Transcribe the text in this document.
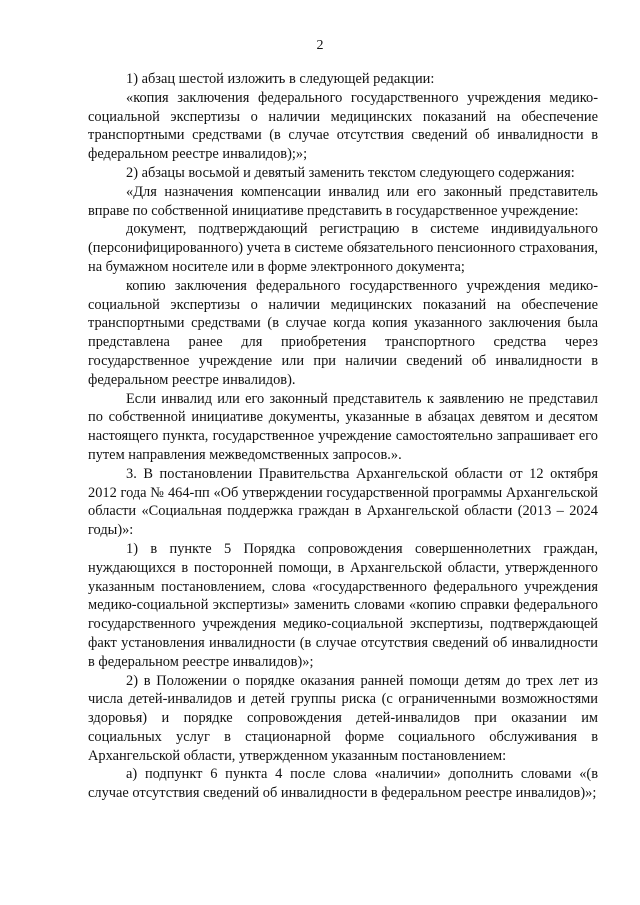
2

1) абзац шестой изложить в следующей редакции:

«копия заключения федерального государственного учреждения медико-социальной экспертизы о наличии медицинских показаний на обеспечение транспортными средствами (в случае отсутствия сведений об инвалидности в федеральном реестре инвалидов);»;

2) абзацы восьмой и девятый заменить текстом следующего содержания:

«Для назначения компенсации инвалид или его законный представитель вправе по собственной инициативе представить в государственное учреждение:

документ, подтверждающий регистрацию в системе индивидуального (персонифицированного) учета в системе обязательного пенсионного страхования, на бумажном носителе или в форме электронного документа;

копию заключения федерального государственного учреждения медико-социальной экспертизы о наличии медицинских показаний на обеспечение транспортными средствами (в случае когда копия указанного заключения была представлена ранее для приобретения транспортного средства через государственное учреждение или при наличии сведений об инвалидности в федеральном реестре инвалидов).

Если инвалид или его законный представитель к заявлению не представил по собственной инициативе документы, указанные в абзацах девятом и десятом настоящего пункта, государственное учреждение самостоятельно запрашивает его путем направления межведомственных запросов.».

3. В постановлении Правительства Архангельской области от 12 октября 2012 года № 464-пп «Об утверждении государственной программы Архангельской области «Социальная поддержка граждан в Архангельской области (2013 – 2024 годы)»:

1) в пункте 5 Порядка сопровождения совершеннолетних граждан, нуждающихся в посторонней помощи, в Архангельской области, утвержденного указанным постановлением, слова «государственного федерального учреждения медико-социальной экспертизы» заменить словами «копию справки федерального государственного учреждения медико-социальной экспертизы, подтверждающей факт установления инвалидности (в случае отсутствия сведений об инвалидности в федеральном реестре инвалидов)»;

2) в Положении о порядке оказания ранней помощи детям до трех лет из числа детей-инвалидов и детей группы риска (с ограниченными возможностями здоровья) и порядке сопровождения детей-инвалидов при оказании им социальных услуг в стационарной форме социального обслуживания в Архангельской области, утвержденном указанным постановлением:

а) подпункт 6 пункта 4 после слова «наличии» дополнить словами «(в случае отсутствия сведений об инвалидности в федеральном реестре инвалидов)»;
